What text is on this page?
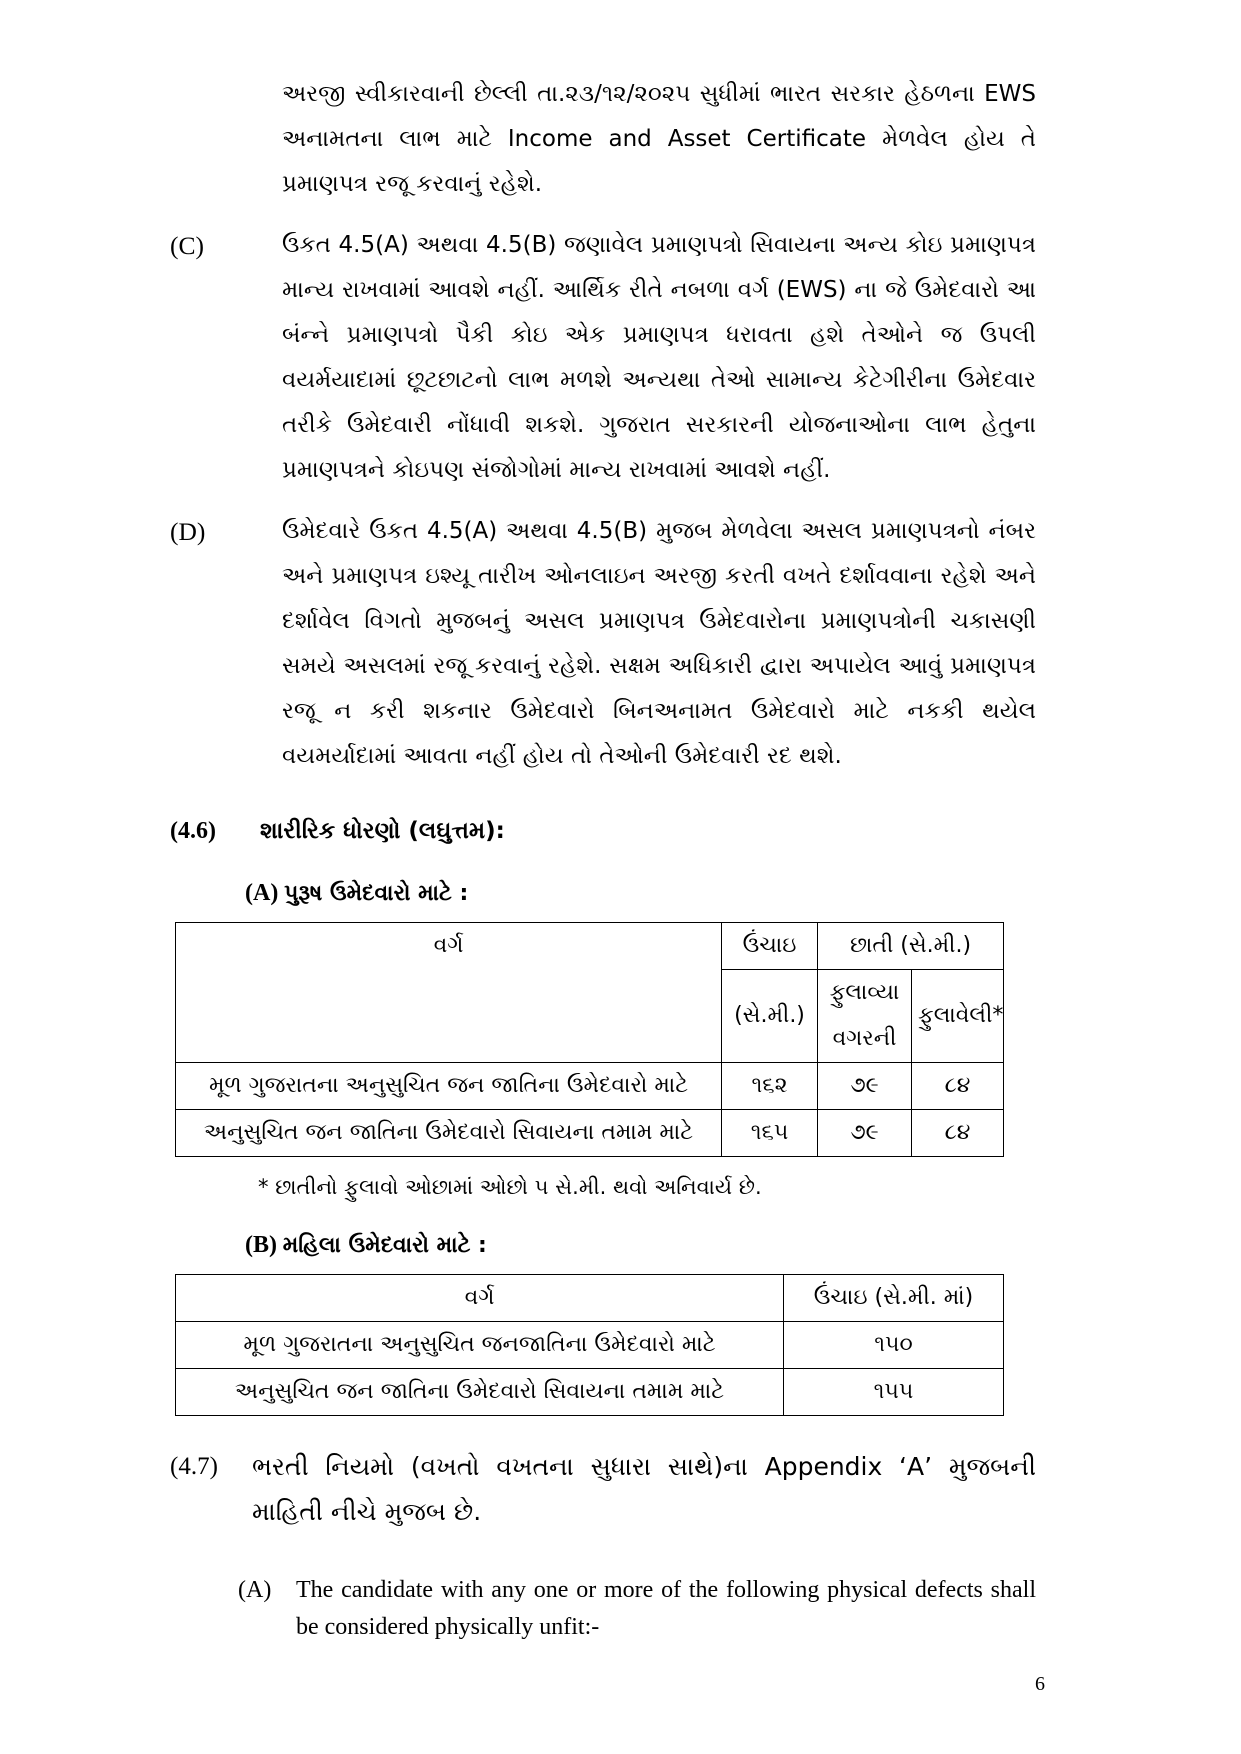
અરજી સ્વીકારવાની છેલ્લી તા.૨૩/૧૨/૨૦૨૫ સુધીમાં ભારત સરકાર હેઠળના EWS અનામતના લાભ માટે Income and Asset Certificate મેળવેલ હોય તે પ્રમાણપત્ર રજૂ કરવાનું રહેશે.
(C)	ઉકત 4.5(A) અથવા 4.5(B) જણાવેલ પ્રમાણપત્રો સિવાયના અન્ય કોઇ પ્રમાણપત્ર માન્ય રાખવામાં આવશે નહીં. આર્થિક રીતે નબળા વર્ગ (EWS) ના જે ઉમેદવારો આ બંન્ને પ્રમાણપત્રો પૈકી કોઇ એક પ્રમાણપત્ર ધરાવતા હશે તેઓને જ ઉપલી વયર્મયાદામાં છૂટછાટનો લાભ મળશે અન્યથા તેઓ સામાન્ય કેટેગીરીના ઉમેદવાર તરીકે ઉમેદવારી નોંધાવી શકશે. ગુજરાત સરકારની યોજનાઓના લાભ હેતુના પ્રમાણપત્રને કોઇપણ સંજોગોમાં માન્ય રાખવામાં આવશે નહીં.
(D)	ઉમેદવારે ઉકત 4.5(A) અથવા 4.5(B) મુજબ મેળવેલા અસલ પ્રમાણપત્રનો નંબર અને પ્રમાણપત્ર ઇશ્યૂ તારીખ ઓનલાઇન અરજી કરતી વખતે દર્શાવવાના રહેશે અને દર્શાવેલ વિગતો મુજબનું અસલ પ્રમાણપત્ર ઉમેદવારોના પ્રમાણપત્રોની ચકાસણી સમયે અસલમાં રજૂ કરવાનું રહેશે. સક્ષમ અધિકારી દ્વારા અપાયેલ આવું પ્રમાણપત્ર રજૂ ન કરી શકનાર ઉમેદવારો બિનઅનામત ઉમેદવારો માટે નકકી થયેલ વયમર્યાદામાં આવતા નહીં હોય તો તેઓની ઉમેદવારી રદ થશે.
(4.6)	શારીરિક ધોરણો (લઘુત્તમ):
(A) પુરૂષ ઉમેદવારો માટે :
વર્ગ	ઉંચાઇ	છાતી (સે.મી.)	
	(સે.મી.)	ફુલાવ્યા	ફુલાવેલી*
		વગરની	
મૂળ ગુજરાતના અનુસુચિત જન જાતિના ઉમેદવારો માટે	૧૬૨	૭૯	૮૪
અનુસુચિત જન જાતિના ઉમેદવારો સિવાયના તમામ માટે	૧૬૫	૭૯	૮૪
* છાતીનો ફુલાવો ઓછામાં ઓછો ૫ સે.મી. થવો અનિવાર્ય છે.
(B) મહિલા ઉમેદવારો માટે :
વર્ગ	ઉંચાઇ (સે.મી. માં)
મૂળ ગુજરાતના અનુસુચિત જનજાતિના ઉમેદવારો માટે	૧૫૦
અનુસુચિત જન જાતિના ઉમેદવારો સિવાયના તમામ માટે	૧૫૫
(4.7)	ભરતી નિયમો (વખતો વખતના સુધારા સાથે)ના Appendix ‘A’ મુજબની માહિતી નીચે મુજબ છે.
(A)	The candidate with any one or more of the following physical defects shall be considered physically unfit:-
6
